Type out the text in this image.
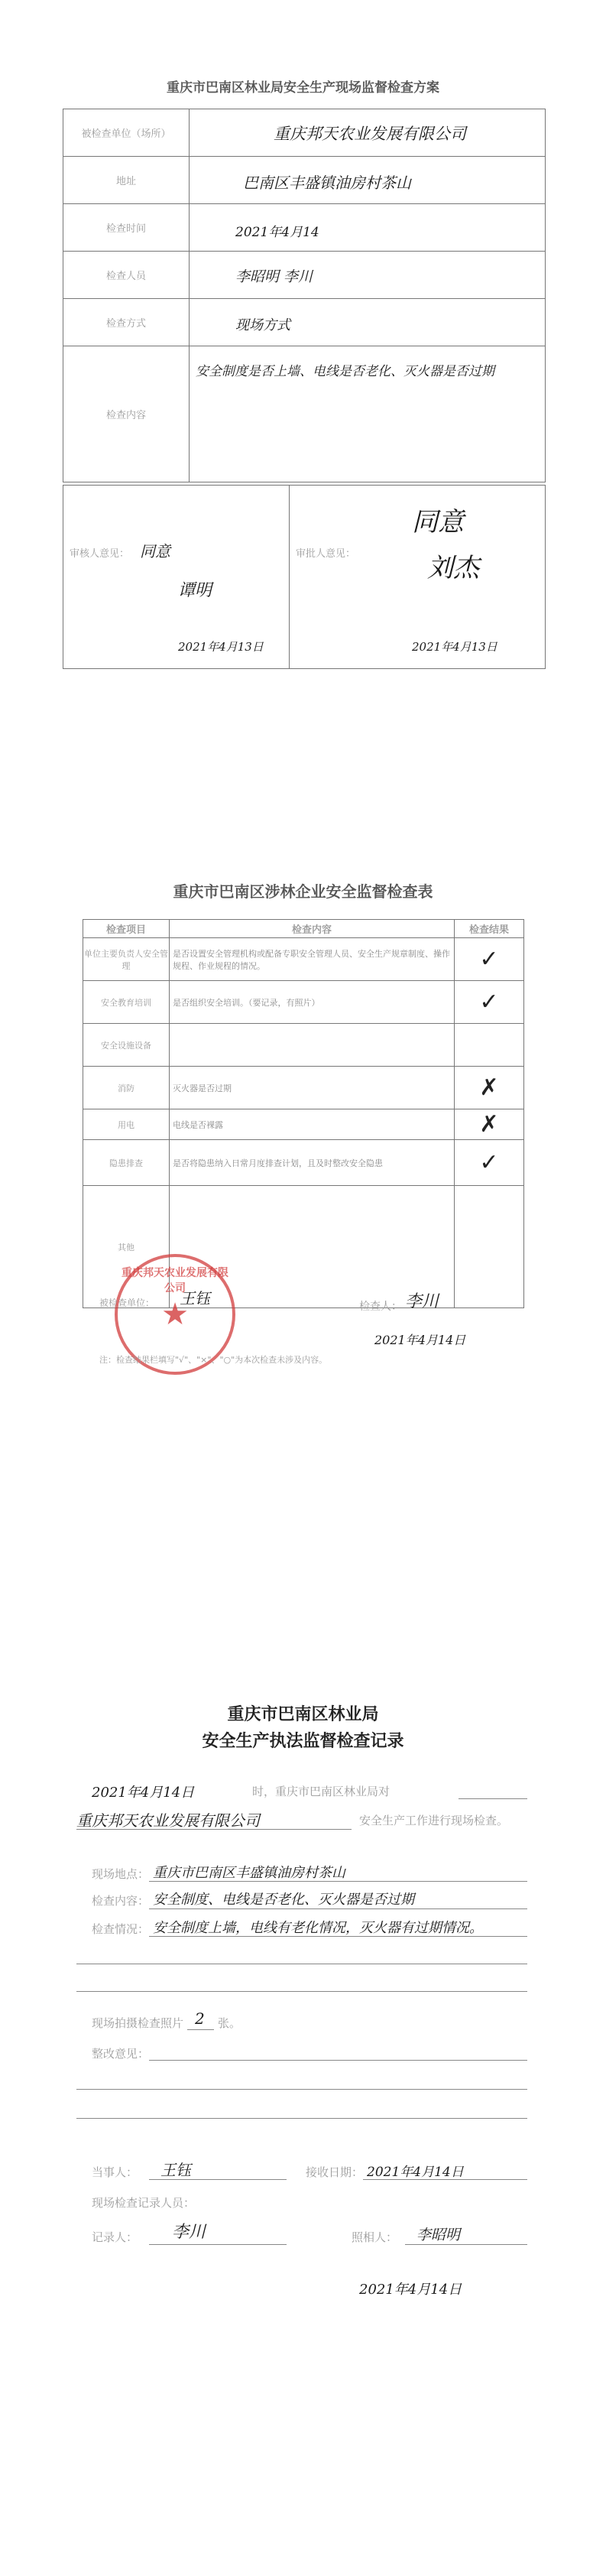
重庆市巴南区林业局安全生产现场监督检查方案
被检查单位（场所）	重庆邦天农业发展有限公司

地址	巴南区丰盛镇油房村茶山

检查时间	2021年4月14

检查人员	李昭明 李川

检查方式	现场方式

检查内容	安全制度是否上墙、电线是否老化、灭火器是否过期
审核人意见： 同意
谭明
2021年4月13日

审批人意见：
同意
刘杰
2021年4月13日
重庆市巴南区涉林企业安全监督检查表
检查项目	检查内容	检查结果
单位主要负责人安全管理	是否设置安全管理机构或配备专职安全管理人员、安全生产规章制度、操作规程、作业规程的情况。	✓
安全教育培训	是否组织安全培训。（要记录，有照片）	✓
安全设施设备		
消防	灭火器是否过期	✗
用电	电线是否裸露	✗
隐患排查	是否将隐患纳入日常月度排查计划，且及时整改安全隐患	✓
其他		
重庆邦天农业发展有限公司
★
被检查单位： 王钰	检查人： 李川
2021年4月14日
注：检查结果栏填写"√"、"×"、"○"为本次检查未涉及内容。
重庆市巴南区林业局
安全生产执法监督检查记录
2021年4月14日	时，重庆市巴南区林业局对
重庆邦天农业发展有限公司	安全生产工作进行现场检查。
现场地点： 重庆市巴南区丰盛镇油房村茶山
检查内容： 安全制度、电线是否老化、灭火器是否过期
检查情况： 安全制度上墙，电线有老化情况，灭火器有过期情况。
现场拍摄检查照片 2 张。
整改意见：
当事人： 王钰	接收日期： 2021年4月14日
现场检查记录人员：
记录人： 李川	照相人： 李昭明
2021年4月14日
